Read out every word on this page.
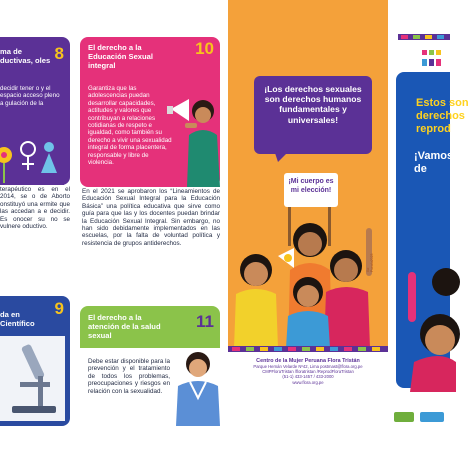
ma de ductivas, oles 8
decidir tener o y el espacio acceso pleno a gulación de la
terapéutico es en el 2014, se o de Aborto onstituyó una ermite que las accedan a e decidir. Es onocer su no se vulnere oductivo.
9
da en Científico
El derecho a la Educación Sexual integral
10
Garantiza que las adolescencias puedan desarrollar capacidades, actitudes y valores que contribuyan a relaciones cotidianas de respeto e igualdad, como también su derecho a vivir una sexualidad integral de forma placentera, responsable y libre de violencia.
En el 2021 se aprobaron los “Lineamientos de Educación Sexual Integral para la Educación Básica” una política educativa que sirve como guía para que las y los docentes puedan brindar la Educación Sexual Integral. Sin embargo, no han sido debidamente implementados en las escuelas, por la falta de voluntad política y resistencia de grupos antiderechos.
El derecho a la atención de la salud sexual
11
Debe estar disponible para la prevención y el tratamiento de todos los problemas, preocupaciones y riesgos en relación con la sexualidad.
¡Los derechos sexuales son derechos humanos fundamentales y universales!
¡Mi cuerpo es mi elección!
Ilu: Pucalu2023
Centro de la Mujer Peruana Flora Tristán
Parque Hernán Velarde Nº42, Lima postmast@flora.org.pe
CMPFloraTristan /floratristan /ReprodFloraTristan
(51-1) 433-1457 / 433-2000
www.flora.org.pe
Estos son derechos reprod
¡Vamos y de
